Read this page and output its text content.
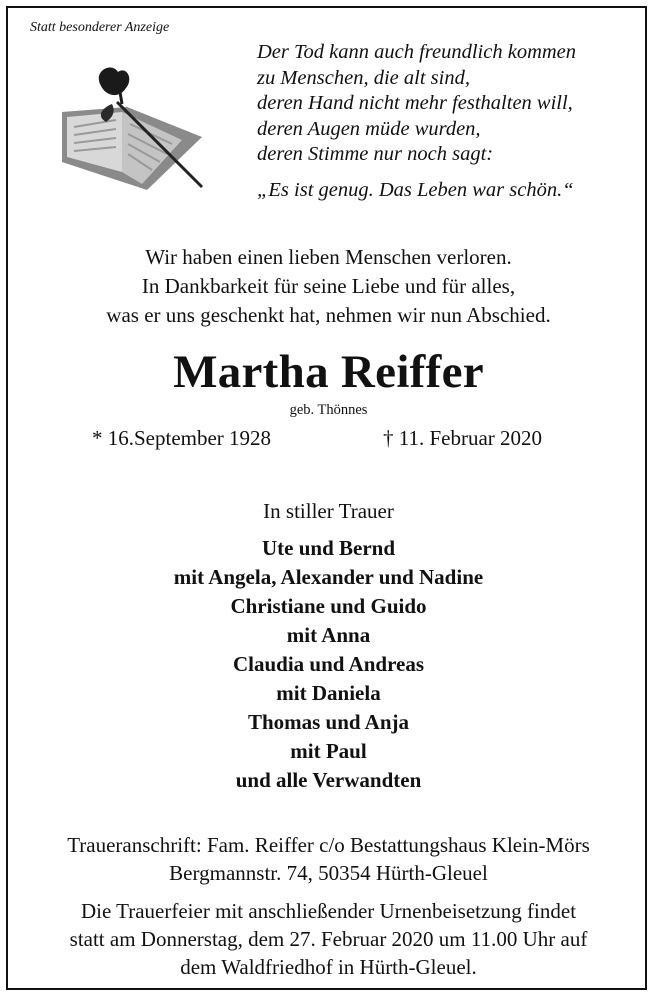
Statt besonderer Anzeige
Der Tod kann auch freundlich kommen
zu Menschen, die alt sind,
deren Hand nicht mehr festhalten will,
deren Augen müde wurden,
deren Stimme nur noch sagt:
„Es ist genug. Das Leben war schön.“
Wir haben einen lieben Menschen verloren.
In Dankbarkeit für seine Liebe und für alles,
was er uns geschenkt hat, nehmen wir nun Abschied.
Martha Reiffer
geb. Thönnes
* 16.September 1928	† 11. Februar 2020
In stiller Trauer
Ute und Bernd
mit Angela, Alexander und Nadine
Christiane und Guido
mit Anna
Claudia und Andreas
mit Daniela
Thomas und Anja
mit Paul
und alle Verwandten
Traueranschrift: Fam. Reiffer c/o Bestattungshaus Klein-Mörs
Bergmannstr. 74, 50354 Hürth-Gleuel
Die Trauerfeier mit anschließender Urnenbeisetzung findet
statt am Donnerstag, dem 27. Februar 2020 um 11.00 Uhr auf
dem Waldfriedhof in Hürth-Gleuel.
